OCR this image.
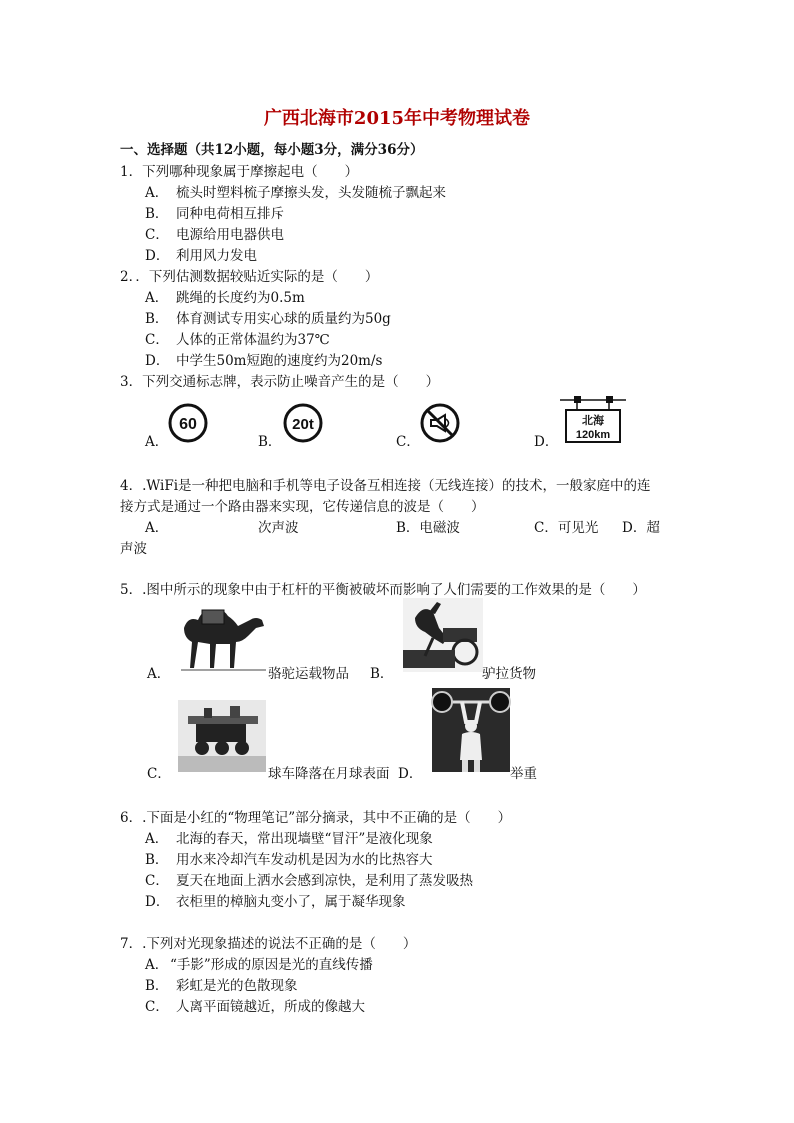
广西北海市2015年中考物理试卷
一、选择题（共12小题，每小题3分，满分36分）
1．下列哪种现象属于摩擦起电（　　）
A． 梳头时塑料梳子摩擦头发，头发随梳子飘起来
B． 同种电荷相互排斥
C． 电源给用电器供电
D． 利用风力发电
2．．下列估测数据较贴近实际的是（　　）
A． 跳绳的长度约为0.5m
B． 体育测试专用实心球的质量约为50g
C． 人体的正常体温约为37℃
D． 中学生50m短跑的速度约为20m/s
3．下列交通标志牌，表示防止噪音产生的是（　　）
A．
60
B．
20t
C．	D．
北海
120km
4．.WiFi是一种把电脑和手机等电子设备互相连接（无线连接）的技术，一般家庭中的连
接方式是通过一个路由器来实现，它传递信息的波是（　　）
A．	次声波	B．电磁波	C．可见光 D．超
声波
5．.图中所示的现象中由于杠杆的平衡被破坏而影响了人们需要的工作效果的是（　　）
A．	骆驼运载物品 B．	驴拉货物
C．	球车降落在月球表面 D．	举重
6．.下面是小红的“物理笔记”部分摘录，其中不正确的是（　　）
A． 北海的春天，常出现墙壁“冒汗”是液化现象
B． 用水来冷却汽车发动机是因为水的比热容大
C． 夏天在地面上洒水会感到凉快，是利用了蒸发吸热
D． 衣柜里的樟脑丸变小了，属于凝华现象
7．.下列对光现象描述的说法不正确的是（　　）
A． “手影”形成的原因是光的直线传播
B． 彩虹是光的色散现象
C． 人离平面镜越近，所成的像越大
